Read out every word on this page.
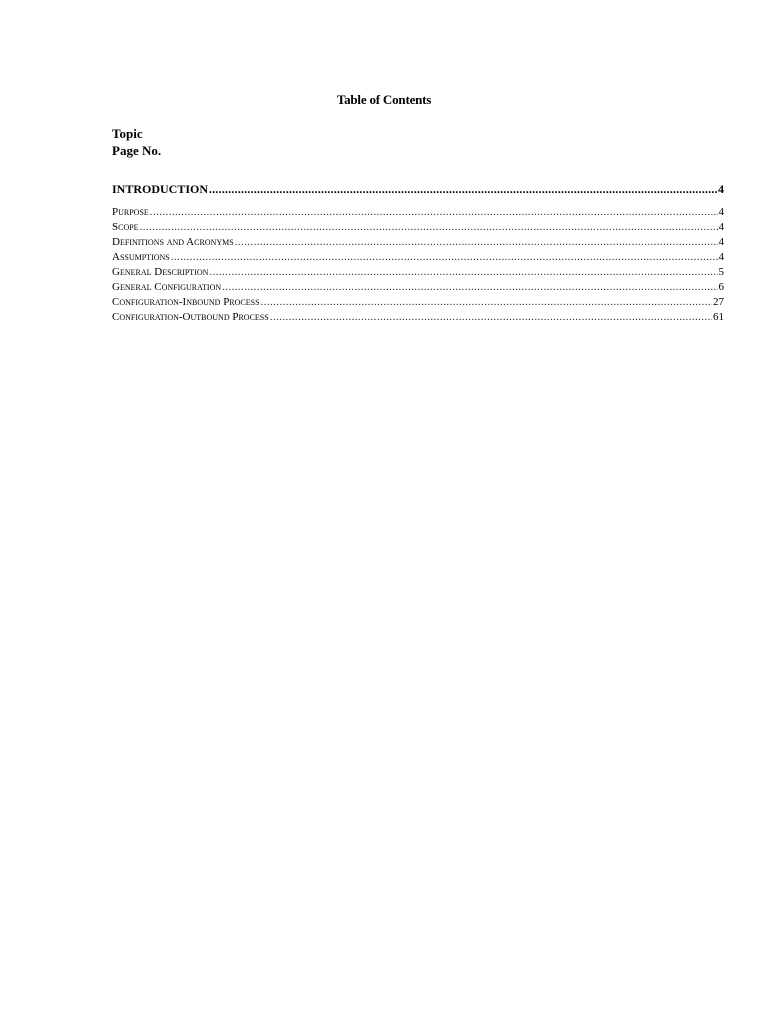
Table of Contents
Topic
Page No.
INTRODUCTION .....	4
Purpose .....	4
Scope .....	4
Definitions and Acronyms .....	4
Assumptions .....	4
General Description .....	5
General Configuration .....	6
Configuration-Inbound Process .....	27
Configuration-Outbound Process .....	61
